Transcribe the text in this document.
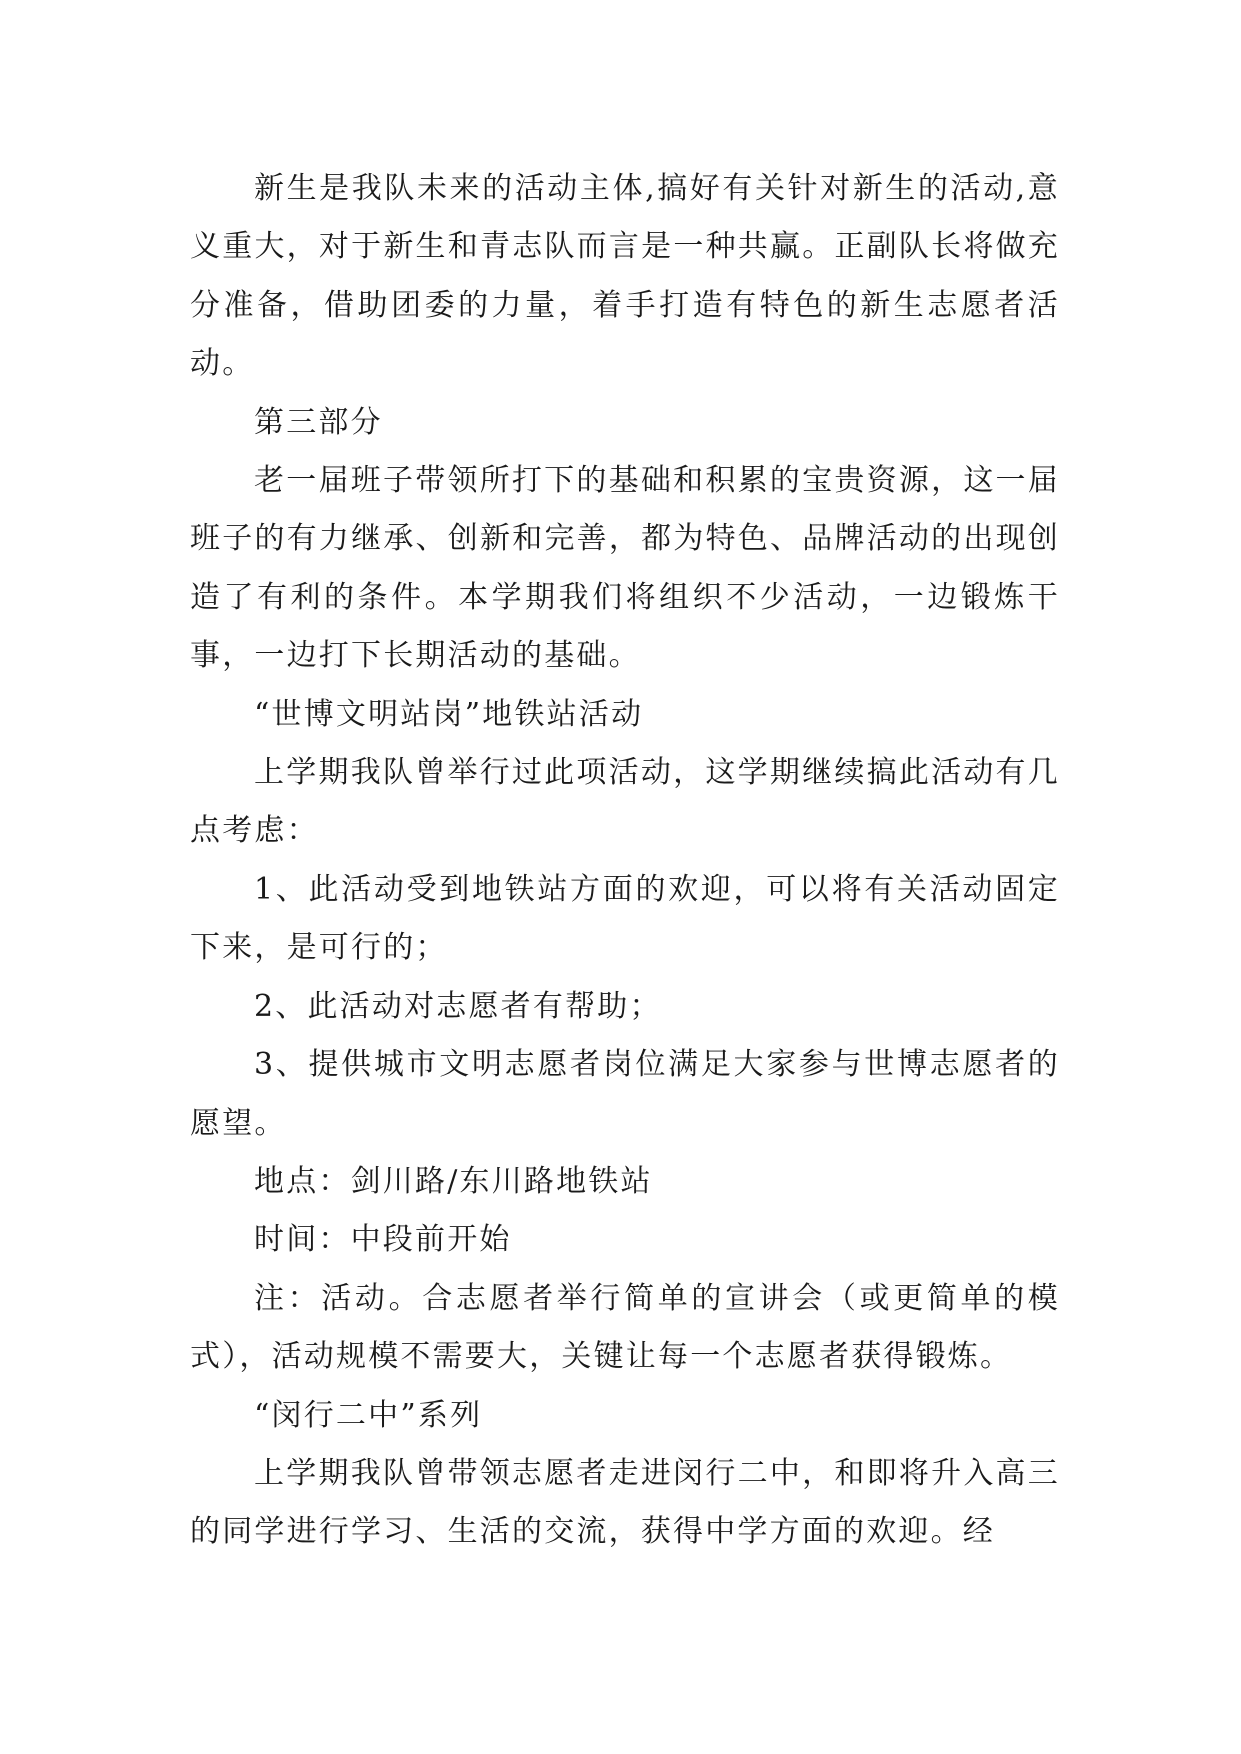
新生是我队未来的活动主体,搞好有关针对新生的活动,意义重大，对于新生和青志队而言是一种共赢。正副队长将做充分准备，借助团委的力量，着手打造有特色的新生志愿者活动。

第三部分

老一届班子带领所打下的基础和积累的宝贵资源，这一届班子的有力继承、创新和完善，都为特色、品牌活动的出现创造了有利的条件。本学期我们将组织不少活动，一边锻炼干事，一边打下长期活动的基础。

“世博文明站岗”地铁站活动

上学期我队曾举行过此项活动，这学期继续搞此活动有几点考虑：

1、此活动受到地铁站方面的欢迎，可以将有关活动固定下来，是可行的；

2、此活动对志愿者有帮助；

3、提供城市文明志愿者岗位满足大家参与世博志愿者的愿望。

地点：剑川路/东川路地铁站

时间：中段前开始

注：活动。合志愿者举行简单的宣讲会（或更简单的模式），活动规模不需要大，关键让每一个志愿者获得锻炼。

“闵行二中”系列

上学期我队曾带领志愿者走进闵行二中，和即将升入高三的同学进行学习、生活的交流，获得中学方面的欢迎。经
